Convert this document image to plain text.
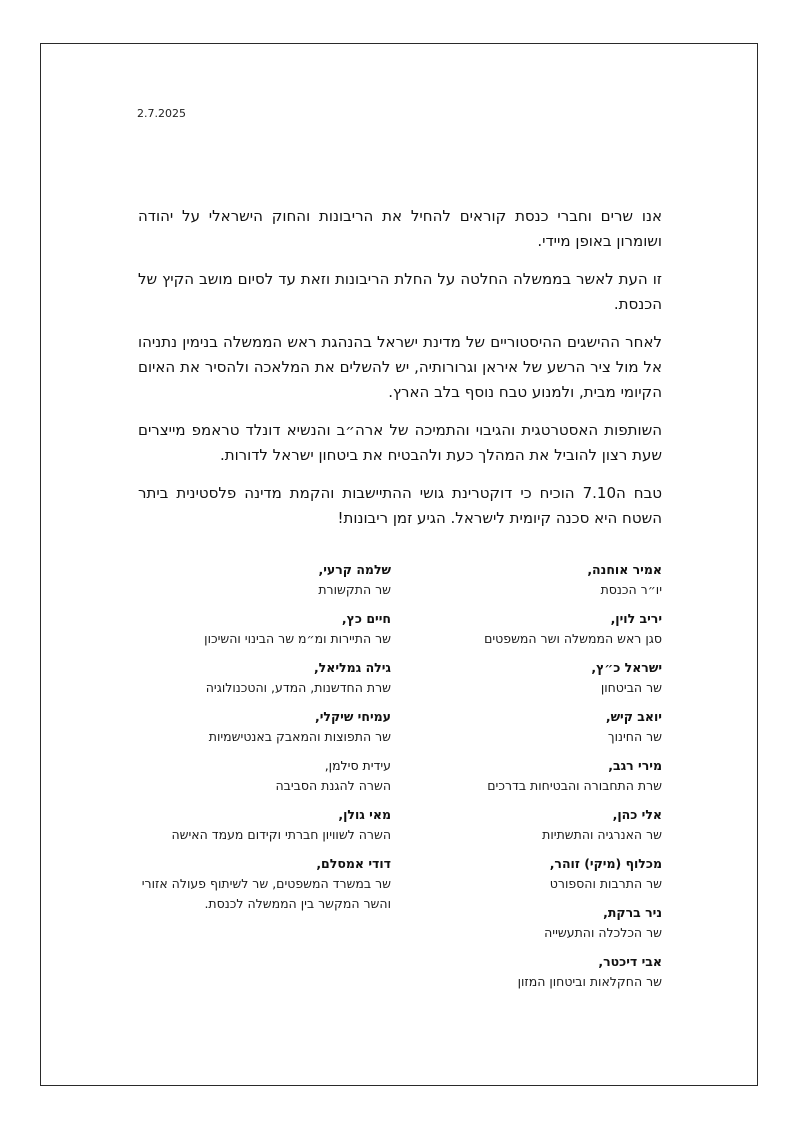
2.7.2025

אנו שרים וחברי כנסת קוראים להחיל את הריבונות והחוק הישראלי על יהודה ושומרון באופן מיידי.

זו העת לאשר בממשלה החלטה על החלת הריבונות וזאת עד לסיום מושב הקיץ של הכנסת.

לאחר ההישגים ההיסטוריים של מדינת ישראל בהנהגת ראש הממשלה בנימין נתניהו אל מול ציר הרשע של איראן וגרורותיה, יש להשלים את המלאכה ולהסיר את האיום הקיומי מבית, ולמנוע טבח נוסף בלב הארץ.

השותפות האסטרטגית והגיבוי והתמיכה של ארה״ב והנשיא דונלד טראמפ מייצרים שעת רצון להוביל את המהלך כעת ולהבטיח את ביטחון ישראל לדורות.

טבח ה7.10 הוכיח כי דוקטרינת גושי ההתיישבות והקמת מדינה פלסטינית ביתר השטח היא סכנה קיומית לישראל. הגיע זמן ריבונות!

אמיר אוחנה,
יו״ר הכנסת
יריב לוין,
סגן ראש הממשלה ושר המשפטים
ישראל כ״ץ,
שר הביטחון
יואב קיש,
שר החינוך
מירי רגב,
שרת התחבורה והבטיחות בדרכים
אלי כהן,
שר האנרגיה והתשתיות
מכלוף (מיקי) זוהר,
שר התרבות והספורט
ניר ברקת,
שר הכלכלה והתעשייה
אבי דיכטר,
שר החקלאות וביטחון המזון
שלמה קרעי,
שר התקשורת
חיים כץ,
שר התיירות ומ״מ שר הבינוי והשיכון
גילה גמליאל,
שרת החדשנות, המדע, והטכנולוגיה
עמיחי שיקלי,
שר התפוצות והמאבק באנטישמיות
עידית סילמן,
השרה להגנת הסביבה
מאי גולן,
השרה לשוויון חברתי וקידום מעמד האישה
דודי אמסלם,
שר במשרד המשפטים, שר לשיתוף פעולה אזורי והשר המקשר בין הממשלה לכנסת.
